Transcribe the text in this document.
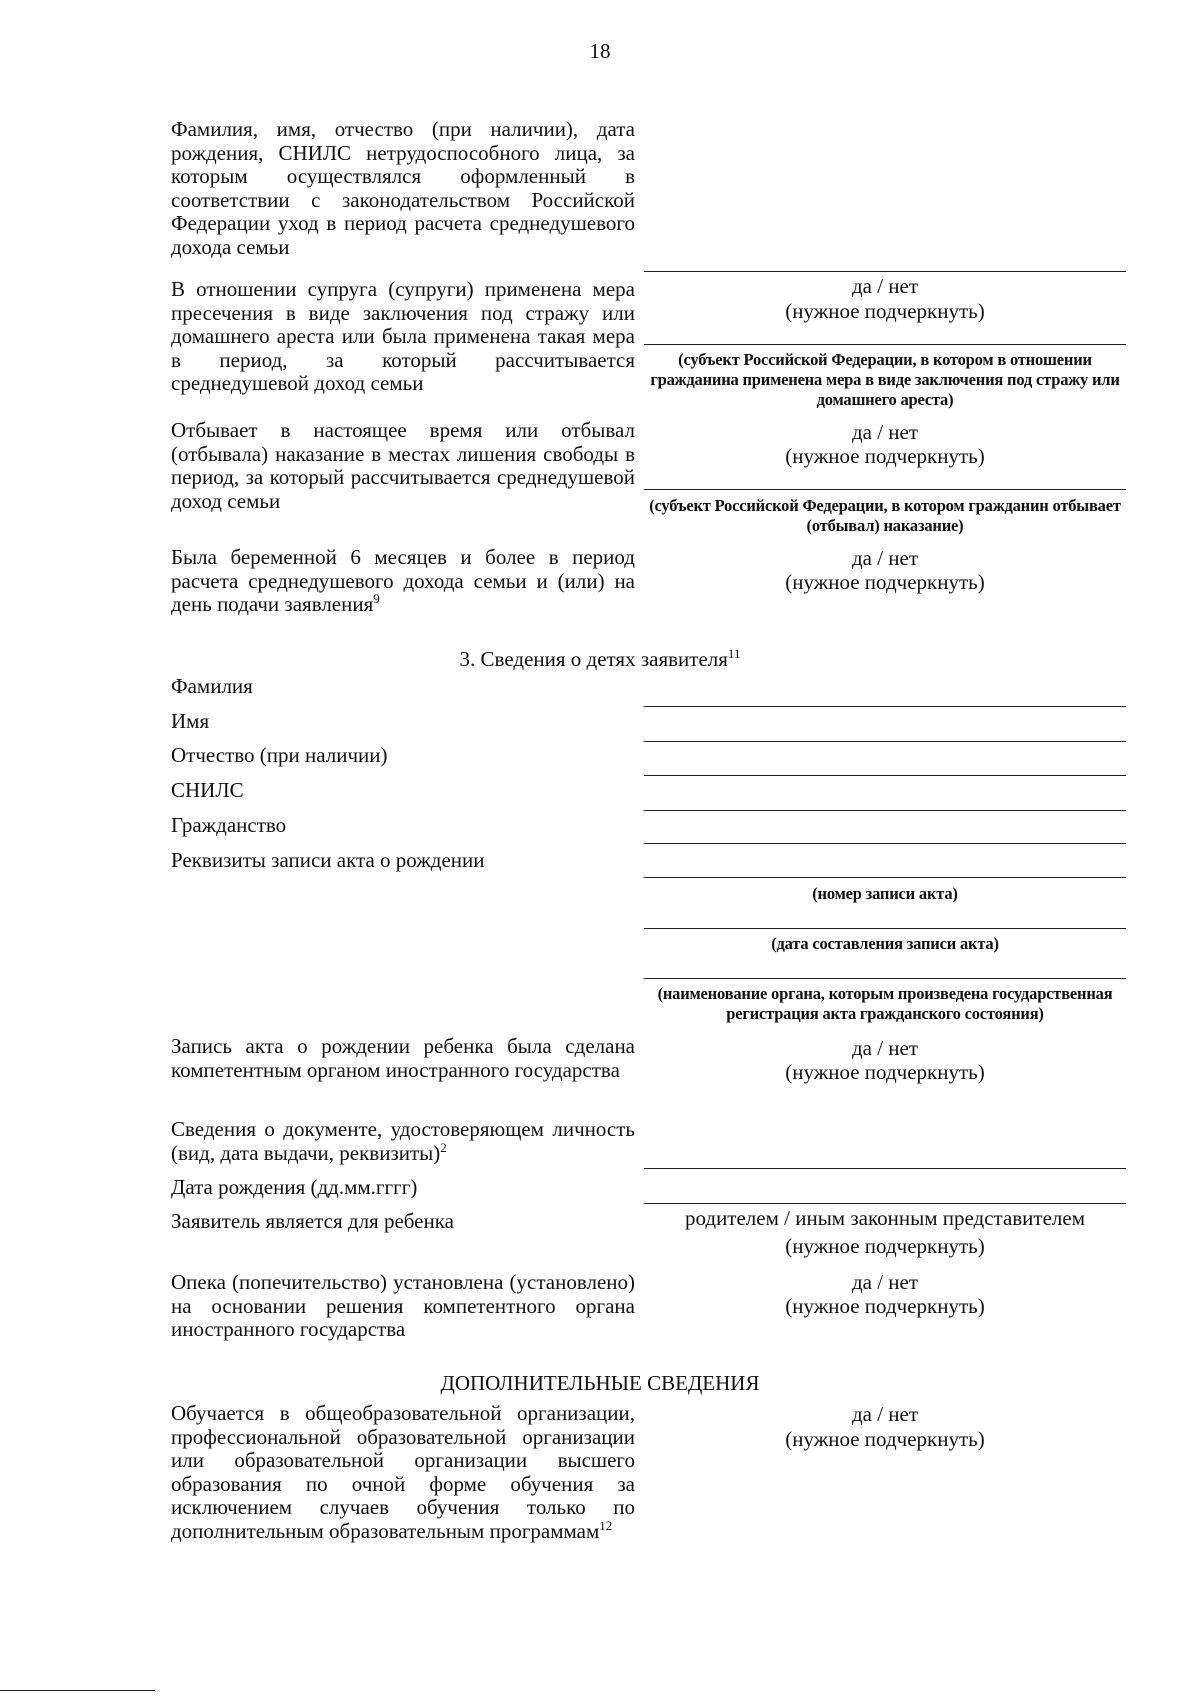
18
Фамилия, имя, отчество (при наличии), дата рождения, СНИЛС нетрудоспособного лица, за которым осуществлялся оформленный в соответствии с законодательством Российской Федерации уход в период расчета среднедушевого дохода семьи
В отношении супруга (супруги) применена мера пресечения в виде заключения под стражу или домашнего ареста или была применена такая мера в период, за который рассчитывается среднедушевой доход семьи
да / нет
(нужное подчеркнуть)
(субъект Российской Федерации, в котором в отношении гражданина применена мера в виде заключения под стражу или домашнего ареста)
Отбывает в настоящее время или отбывал (отбывала) наказание в местах лишения свободы в период, за который рассчитывается среднедушевой доход семьи
да / нет
(нужное подчеркнуть)
(субъект Российской Федерации, в котором гражданин отбывает (отбывал) наказание)
Была беременной 6 месяцев и более в период расчета среднедушевого дохода семьи и (или) на день подачи заявления$^9$
да / нет
(нужное подчеркнуть)
3. Сведения о детях заявителя$^{11}$
Фамилия
Имя
Отчество (при наличии)
СНИЛС
Гражданство
Реквизиты записи акта о рождении
(номер записи акта)
(дата составления записи акта)
(наименование органа, которым произведена государственная регистрация акта гражданского состояния)
Запись акта о рождении ребенка была сделана компетентным органом иностранного государства
да / нет
(нужное подчеркнуть)
Сведения о документе, удостоверяющем личность (вид, дата выдачи, реквизиты)$^2$
Дата рождения (дд.мм.гггг)
Заявитель является для ребенка	родителем / иным законным представителем
(нужное подчеркнуть)
Опека (попечительство) установлена (установлено) на основании решения компетентного органа иностранного государства
да / нет
(нужное подчеркнуть)
ДОПОЛНИТЕЛЬНЫЕ СВЕДЕНИЯ
Обучается в общеобразовательной организации, профессиональной образовательной организации или образовательной организации высшего образования по очной форме обучения за исключением случаев обучения только по дополнительным образовательным программам$^{12}$
да / нет
(нужное подчеркнуть)
